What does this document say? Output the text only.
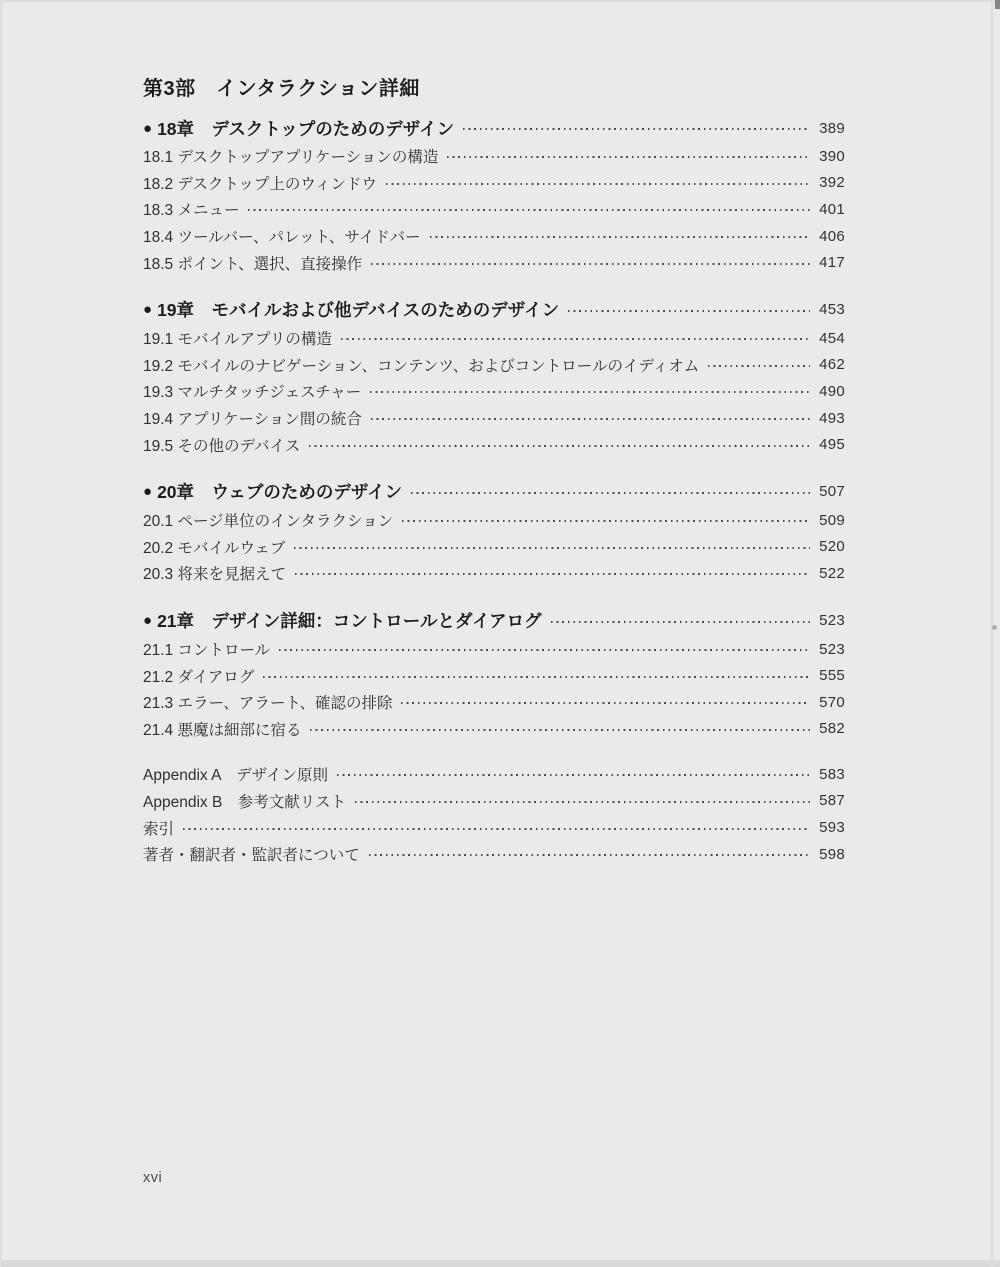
第3部　インタラクション詳細
● 18章　デスクトップのためのデザイン	389
18.1 デスクトップアプリケーションの構造	390
18.2 デスクトップ上のウィンドウ	392
18.3 メニュー	401
18.4 ツールバー、パレット、サイドバー	406
18.5 ポイント、選択、直接操作	417
● 19章　モバイルおよび他デバイスのためのデザイン	453
19.1 モバイルアプリの構造	454
19.2 モバイルのナビゲーション、コンテンツ、およびコントロールのイディオム	462
19.3 マルチタッチジェスチャー	490
19.4 アプリケーション間の統合	493
19.5 その他のデバイス	495
● 20章　ウェブのためのデザイン	507
20.1 ページ単位のインタラクション	509
20.2 モバイルウェブ	520
20.3 将来を見据えて	522
● 21章　デザイン詳細：コントロールとダイアログ	523
21.1 コントロール	523
21.2 ダイアログ	555
21.3 エラー、アラート、確認の排除	570
21.4 悪魔は細部に宿る	582
Appendix A　デザイン原則	583
Appendix B　参考文献リスト	587
索引	593
著者・翻訳者・監訳者について	598
xvi
